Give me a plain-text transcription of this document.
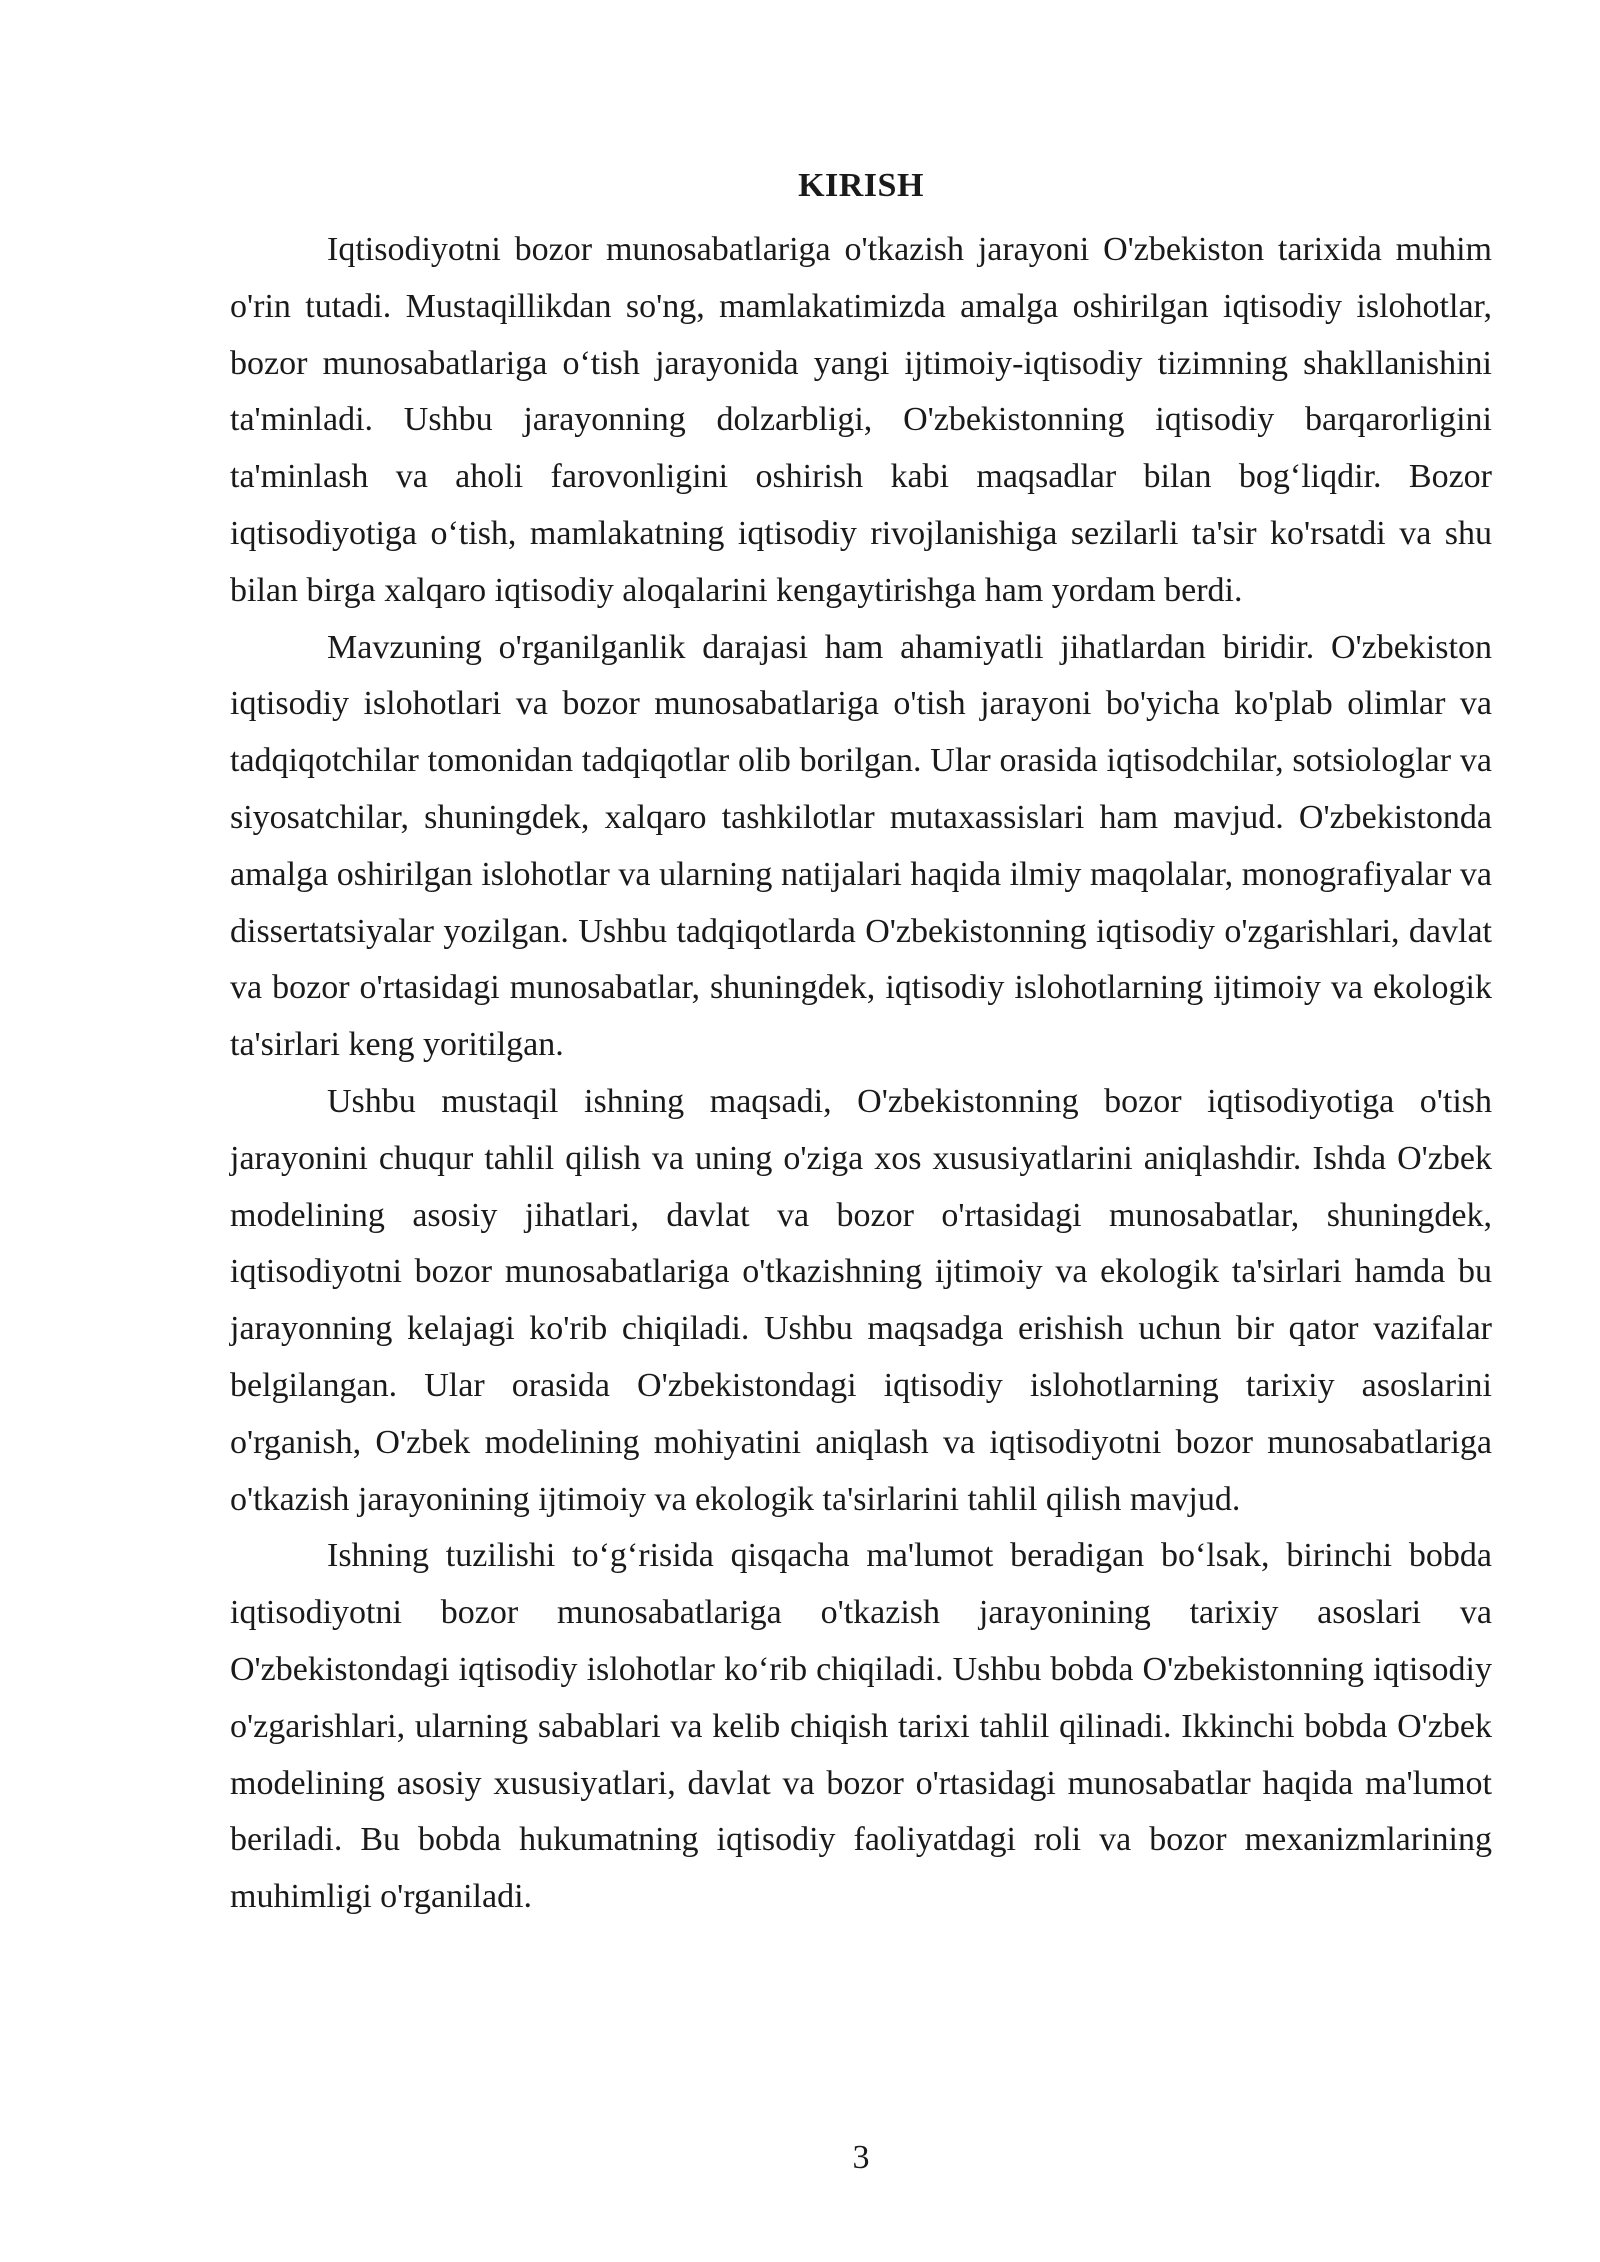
KIRISH

Iqtisodiyotni bozor munosabatlariga o'tkazish jarayoni O'zbekiston tarixida muhim o'rin tutadi. Mustaqillikdan so'ng, mamlakatimizda amalga oshirilgan iqtisodiy islohotlar, bozor munosabatlariga o‘tish jarayonida yangi ijtimoiy-iqtisodiy tizimning shakllanishini ta'minladi. Ushbu jarayonning dolzarbligi, O'zbekistonning iqtisodiy barqarorligini ta'minlash va aholi farovonligini oshirish kabi maqsadlar bilan bog‘liqdir. Bozor iqtisodiyotiga o‘tish, mamlakatning iqtisodiy rivojlanishiga sezilarli ta'sir ko'rsatdi va shu bilan birga xalqaro iqtisodiy aloqalarini kengaytirishga ham yordam berdi.

Mavzuning o'rganilganlik darajasi ham ahamiyatli jihatlardan biridir. O'zbekiston iqtisodiy islohotlari va bozor munosabatlariga o'tish jarayoni bo'yicha ko'plab olimlar va tadqiqotchilar tomonidan tadqiqotlar olib borilgan. Ular orasida iqtisodchilar, sotsiologlar va siyosatchilar, shuningdek, xalqaro tashkilotlar mutaxassislari ham mavjud. O'zbekistonda amalga oshirilgan islohotlar va ularning natijalari haqida ilmiy maqolalar, monografiyalar va dissertatsiyalar yozilgan. Ushbu tadqiqotlarda O'zbekistonning iqtisodiy o'zgarishlari, davlat va bozor o'rtasidagi munosabatlar, shuningdek, iqtisodiy islohotlarning ijtimoiy va ekologik ta'sirlari keng yoritilgan.

Ushbu mustaqil ishning maqsadi, O'zbekistonning bozor iqtisodiyotiga o'tish jarayonini chuqur tahlil qilish va uning o'ziga xos xususiyatlarini aniqlashdir. Ishda O'zbek modelining asosiy jihatlari, davlat va bozor o'rtasidagi munosabatlar, shuningdek, iqtisodiyotni bozor munosabatlariga o'tkazishning ijtimoiy va ekologik ta'sirlari hamda bu jarayonning kelajagi ko'rib chiqiladi. Ushbu maqsadga erishish uchun bir qator vazifalar belgilangan. Ular orasida O'zbekistondagi iqtisodiy islohotlarning tarixiy asoslarini o'rganish, O'zbek modelining mohiyatini aniqlash va iqtisodiyotni bozor munosabatlariga o'tkazish jarayonining ijtimoiy va ekologik ta'sirlarini tahlil qilish mavjud.

Ishning tuzilishi to‘g‘risida qisqacha ma'lumot beradigan bo‘lsak, birinchi bobda iqtisodiyotni bozor munosabatlariga o'tkazish jarayonining tarixiy asoslari va O'zbekistondagi iqtisodiy islohotlar ko‘rib chiqiladi. Ushbu bobda O'zbekistonning iqtisodiy o'zgarishlari, ularning sabablari va kelib chiqish tarixi tahlil qilinadi. Ikkinchi bobda O'zbek modelining asosiy xususiyatlari, davlat va bozor o'rtasidagi munosabatlar haqida ma'lumot beriladi. Bu bobda hukumatning iqtisodiy faoliyatdagi roli va bozor mexanizmlarining muhimligi o'rganiladi.

3
